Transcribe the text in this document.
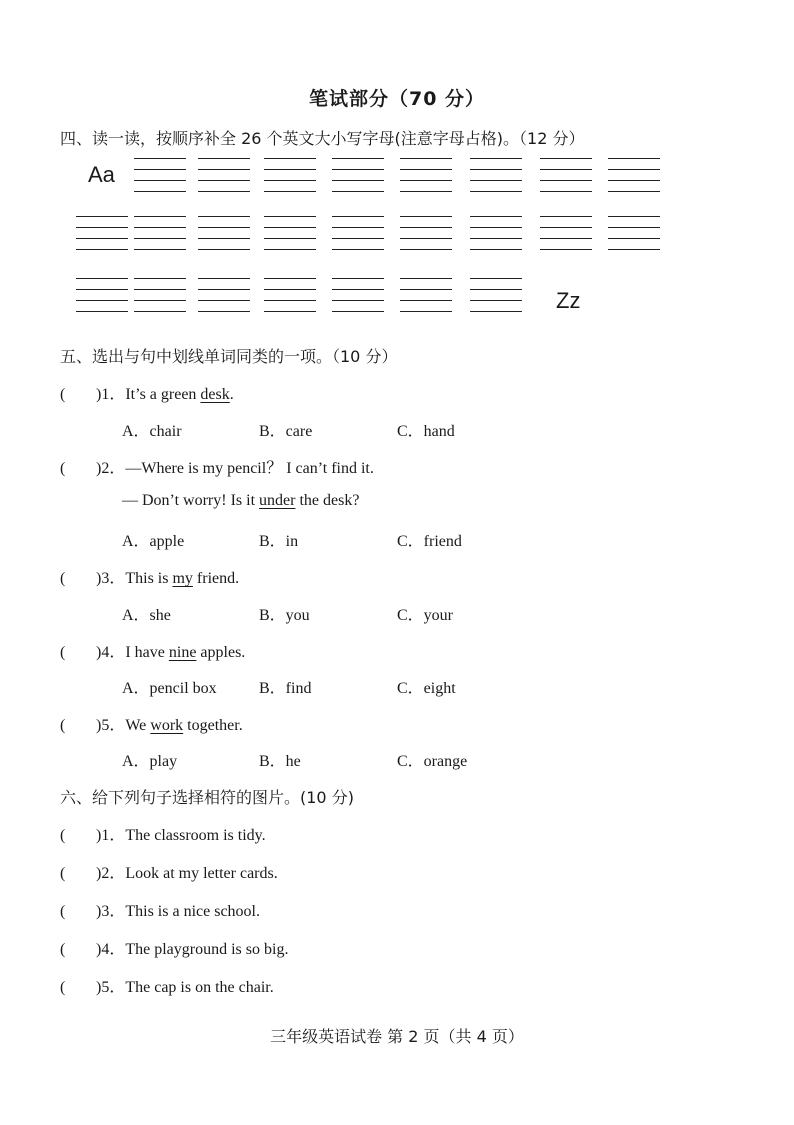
笔试部分（70 分）
四、读一读，按顺序补全 26 个英文大小写字母(注意字母占格)。（12 分）
Aa
Zz
五、选出与句中划线单词同类的一项。（10 分）
( )1．It’s a green desk.
A．chair	B．care	C．hand
( )2．—Where is my pencil？ I can’t find it.
— Don’t worry! Is it under the desk?
A．apple	B．in	C．friend
( )3．This is my friend.
A．she	B．you	C．your
( )4．I have nine apples.
A．pencil box	B．find	C．eight
( )5．We work together.
A．play	B．he	C．orange
六、给下列句子选择相符的图片。(10 分)
( )1．The classroom is tidy.
( )2．Look at my letter cards.
( )3．This is a nice school.
( )4．The playground is so big.
( )5．The cap is on the chair.
三年级英语试卷 第 2 页（共 4 页）
